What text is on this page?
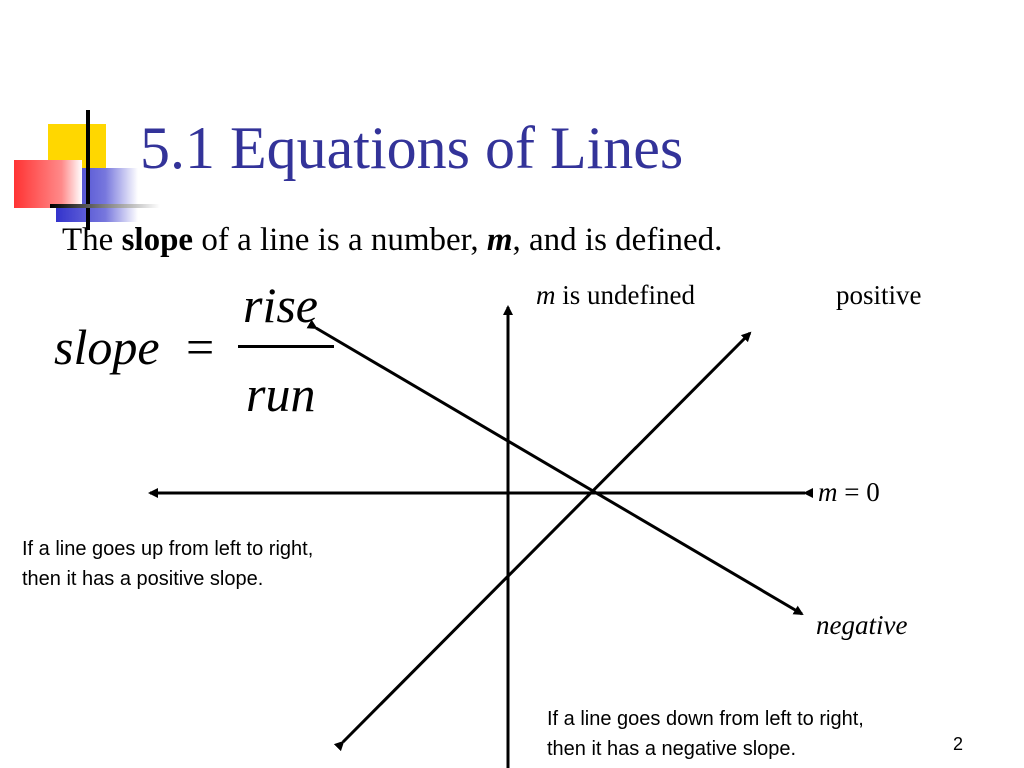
5.1 Equations of Lines
The slope of a line is a number, m, and is defined.
slope =
rise
run
m is undefined	positive
m = 0
negative
If a line goes up from left to right,
then it has a positive slope.
If a line goes down from left to right,
then it has a negative slope.	2
